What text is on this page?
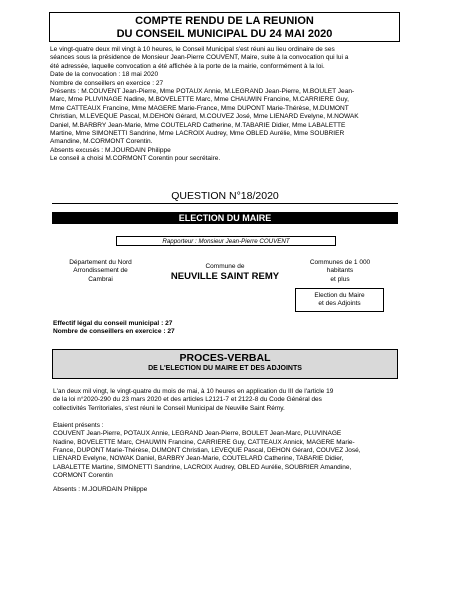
COMPTE RENDU DE LA REUNION
DU CONSEIL MUNICIPAL DU 24 MAI 2020

Le vingt-quatre deux mil vingt à 10 heures, le Conseil Municipal s'est réuni au lieu ordinaire de ses

séances sous la présidence de Monsieur Jean-Pierre COUVENT, Maire, suite à la convocation qui lui a

été adressée, laquelle convocation a été affichée à la porte de la mairie, conformément à la loi.

Date de la convocation : 18 mai 2020

Nombre de conseillers en exercice : 27

Présents : M.COUVENT Jean-Pierre, Mme POTAUX Annie, M.LEGRAND Jean-Pierre, M.BOULET Jean-

Marc, Mme PLUVINAGE Nadine, M.BOVELETTE Marc, Mme CHAUWIN Francine, M.CARRIERE Guy,

Mme CATTEAUX Francine, Mme MAGERE Marie-France, Mme DUPONT Marie-Thérèse, M.DUMONT

Christian, M.LEVEQUE Pascal, M.DEHON Gérard, M.COUVEZ José, Mme LIENARD Evelyne, M.NOWAK

Daniel, M.BARBRY Jean-Marie, Mme COUTELARD Catherine, M.TABARIE Didier, Mme LABALETTE

Martine, Mme SIMONETTI Sandrine, Mme LACROIX Audrey, Mme OBLED Aurélie, Mme SOUBRIER

Amandine, M.CORMONT Corentin.

Absents excusés : M.JOURDAIN Philippe

Le conseil a choisi M.CORMONT Corentin pour secrétaire.

QUESTION N°18/2020
ELECTION DU MAIRE
Rapporteur : Monsieur Jean-Pierre COUVENT
Département du Nord
Arrondissement de
Cambrai
Commune de
NEUVILLE SAINT REMY
Communes de 1 000
habitants
et plus
Election du Maire
et des Adjoints
Effectif légal du conseil municipal : 27
Nombre de conseillers en exercice : 27
PROCES-VERBAL
DE L'ELECTION DU MAIRE ET DES ADJOINTS

L'an deux mil vingt, le vingt-quatre du mois de mai, à 10 heures en application du III de l'article 19

de la loi n°2020-290 du 23 mars 2020 et des articles L2121-7 et 2122-8 du Code Général des

collectivités Territoriales, s'est réuni le Conseil Municipal de Neuville Saint Rémy.

Etaient présents :

COUVENT Jean-Pierre, POTAUX Annie, LEGRAND Jean-Pierre, BOULET Jean-Marc, PLUVINAGE

Nadine, BOVELETTE Marc, CHAUWIN Francine, CARRIERE Guy, CATTEAUX Annick, MAGERE Marie-

France, DUPONT Marie-Thérèse, DUMONT Christian, LEVEQUE Pascal, DEHON Gérard, COUVEZ José,

LIENARD Evelyne, NOWAK Daniel, BARBRY Jean-Marie, COUTELARD Catherine, TABARIE Didier,

LABALETTE Martine, SIMONETTI Sandrine, LACROIX Audrey, OBLED Aurélie, SOUBRIER Amandine,

CORMONT Corentin

Absents : M.JOURDAIN Philippe
